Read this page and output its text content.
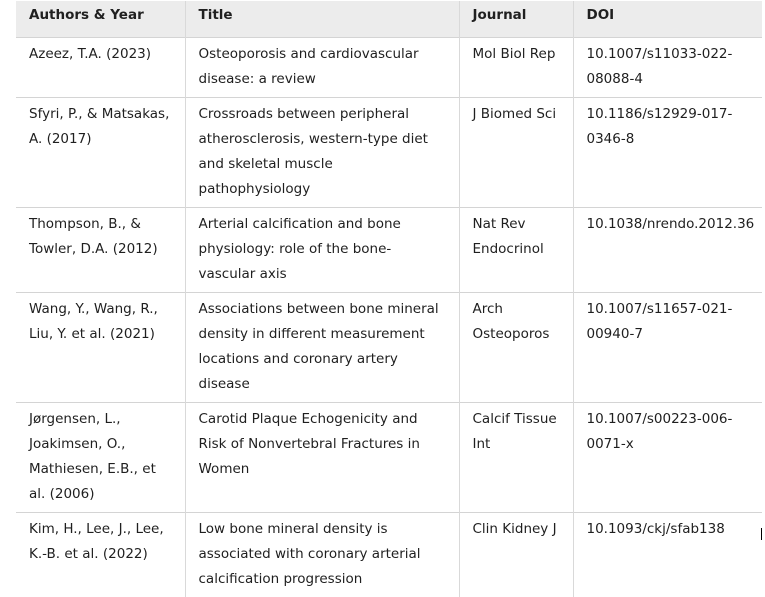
Authors & Year	Title	Journal	DOI
Azeez, T.A. (2023)	Osteoporosis and cardiovascular disease: a review	Mol Biol Rep	10.1007/s11033-022-08088-4
Sfyri, P., & Matsakas, A. (2017)	Crossroads between peripheral atherosclerosis, western-type diet and skeletal muscle pathophysiology	J Biomed Sci	10.1186/s12929-017-0346-8
Thompson, B., & Towler, D.A. (2012)	Arterial calcification and bone physiology: role of the bone-vascular axis	Nat Rev Endocrinol	10.1038/nrendo.2012.36
Wang, Y., Wang, R., Liu, Y. et al. (2021)	Associations between bone mineral density in different measurement locations and coronary artery disease	Arch Osteoporos	10.1007/s11657-021-00940-7
Jørgensen, L., Joakimsen, O., Mathiesen, E.B., et al. (2006)	Carotid Plaque Echogenicity and Risk of Nonvertebral Fractures in Women	Calcif Tissue Int	10.1007/s00223-006-0071-x
Kim, H., Lee, J., Lee, K.-B. et al. (2022)	Low bone mineral density is associated with coronary arterial calcification progression	Clin Kidney J	10.1093/ckj/sfab138
